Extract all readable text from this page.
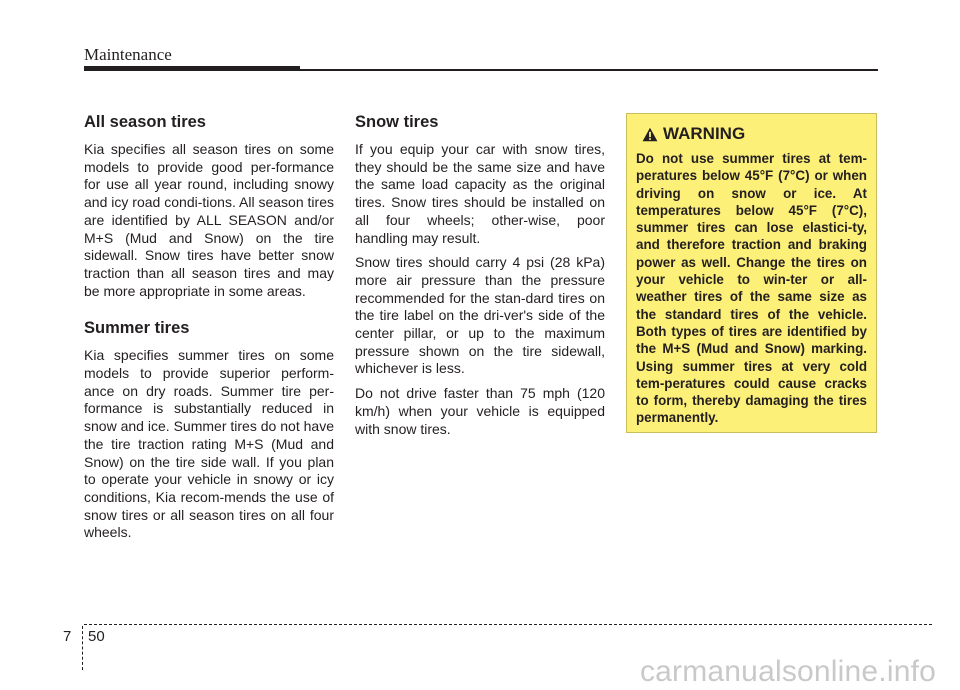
Maintenance
All season tires

Kia specifies all season tires on some models to provide good per-formance for use all year round, including snowy and icy road condi-tions. All season tires are identified by ALL SEASON and/or M+S (Mud and Snow) on the tire sidewall. Snow tires have better snow traction than all season tires and may be more appropriate in some areas.

Summer tires

Kia specifies summer tires on some models to provide superior perform-ance on dry roads. Summer tire per-formance is substantially reduced in snow and ice. Summer tires do not have the tire traction rating M+S (Mud and Snow) on the tire side wall. If you plan to operate your vehicle in snowy or icy conditions, Kia recom-mends the use of snow tires or all season tires on all four wheels.

Snow tires

If you equip your car with snow tires, they should be the same size and have the same load capacity as the original tires. Snow tires should be installed on all four wheels; other-wise, poor handling may result.

Snow tires should carry 4 psi (28 kPa) more air pressure than the pressure recommended for the stan-dard tires on the tire label on the dri-ver's side of the center pillar, or up to the maximum pressure shown on the tire sidewall, whichever is less.

Do not drive faster than 75 mph (120 km/h) when your vehicle is equipped with snow tires.

WARNING
Do not use summer tires at tem-peratures below 45°F (7°C) or when driving on snow or ice. At temperatures below 45°F (7°C), summer tires can lose elastici-ty, and therefore traction and braking power as well. Change the tires on your vehicle to win-ter or all-weather tires of the same size as the standard tires of the vehicle. Both types of tires are identified by the M+S (Mud and Snow) marking. Using summer tires at very cold tem-peratures could cause cracks to form, thereby damaging the tires permanently.
7 50
carmanualsonline.info
